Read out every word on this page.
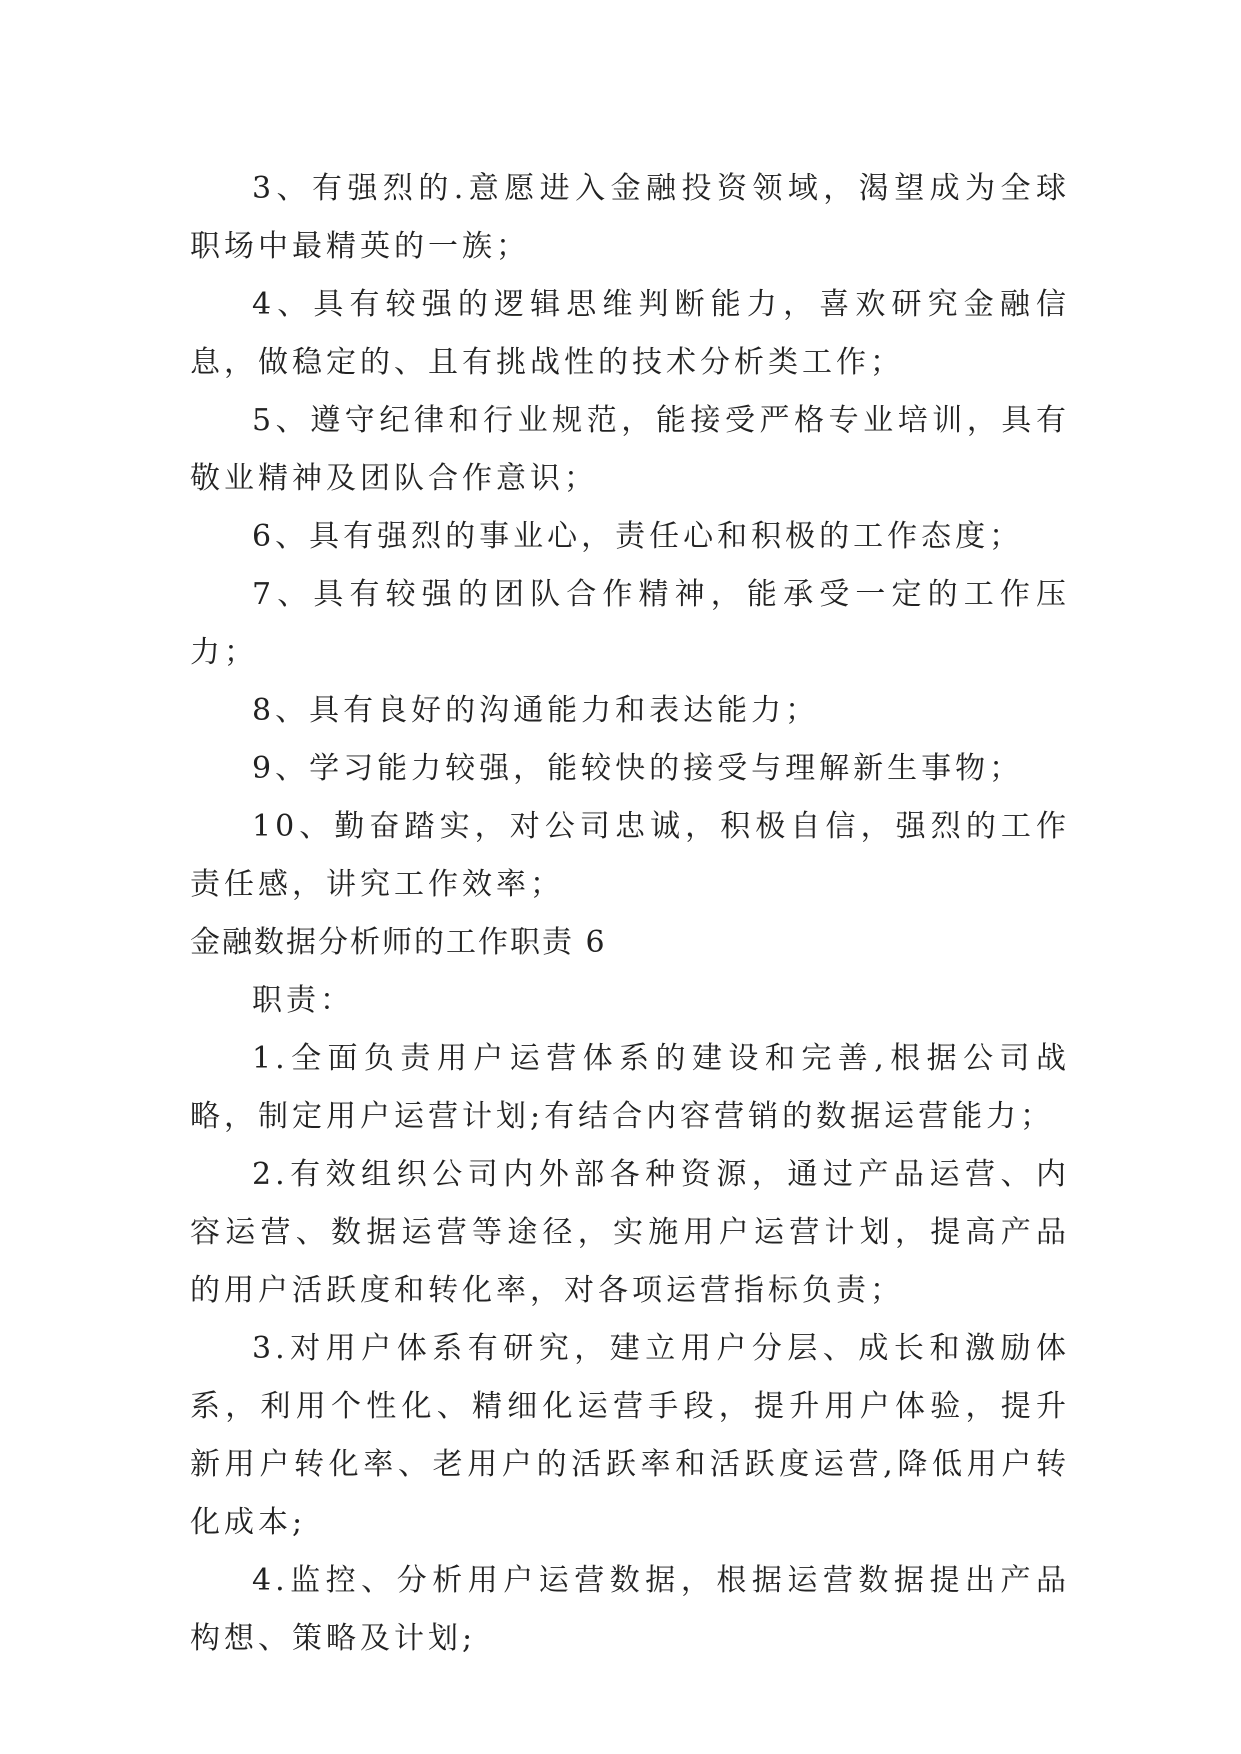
3、有强烈的.意愿进入金融投资领域，渴望成为全球职场中最精英的一族；

4、具有较强的逻辑思维判断能力，喜欢研究金融信息，做稳定的、且有挑战性的技术分析类工作；

5、遵守纪律和行业规范，能接受严格专业培训，具有敬业精神及团队合作意识；

6、具有强烈的事业心，责任心和积极的工作态度；

7、具有较强的团队合作精神，能承受一定的工作压力；

8、具有良好的沟通能力和表达能力；

9、学习能力较强，能较快的接受与理解新生事物；

10、勤奋踏实，对公司忠诚，积极自信，强烈的工作责任感，讲究工作效率；

金融数据分析师的工作职责 6

职责：

1.全面负责用户运营体系的建设和完善,根据公司战略，制定用户运营计划;有结合内容营销的数据运营能力；

2.有效组织公司内外部各种资源，通过产品运营、内容运营、数据运营等途径，实施用户运营计划，提高产品的用户活跃度和转化率，对各项运营指标负责；

3.对用户体系有研究，建立用户分层、成长和激励体系，利用个性化、精细化运营手段，提升用户体验，提升新用户转化率、老用户的活跃率和活跃度运营,降低用户转化成本;

4.监控、分析用户运营数据，根据运营数据提出产品构想、策略及计划;
